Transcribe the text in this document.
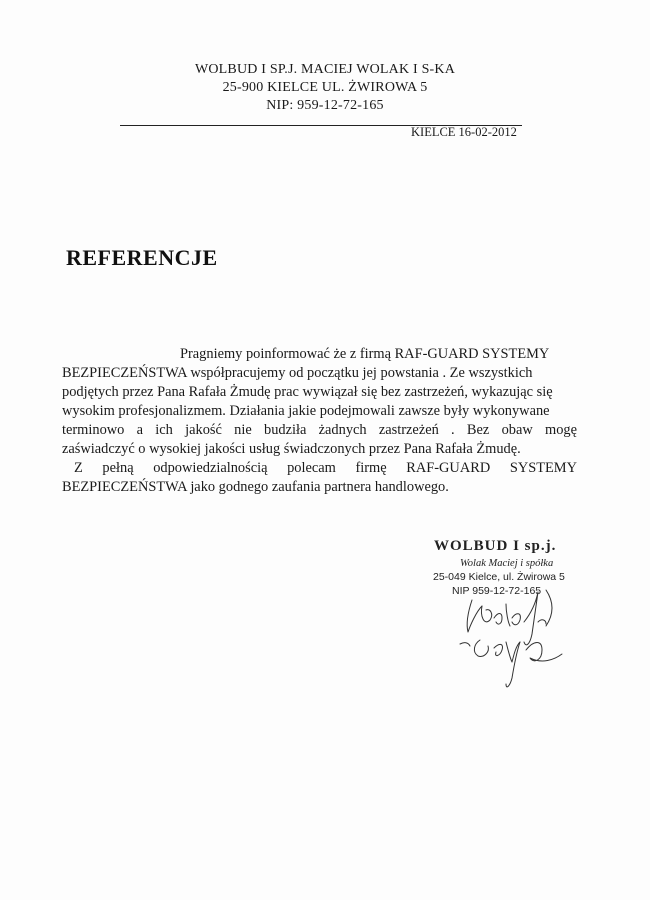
WOLBUD I SP.J. MACIEJ WOLAK I S-KA
25-900 KIELCE UL. ŻWIROWA 5
NIP: 959-12-72-165
KIELCE 16-02-2012
REFERENCJE
Pragniemy poinformować że z firmą RAF-GUARD SYSTEMY
BEZPIECZEŃSTWA współpracujemy od początku jej powstania . Ze wszystkich
podjętych przez Pana Rafała Żmudę prac wywiązał się bez zastrzeżeń, wykazując się
wysokim profesjonalizmem. Działania jakie podejmowali zawsze były wykonywane
terminowo a ich jakość nie budziła żadnych zastrzeżeń . Bez obaw mogę
zaświadczyć o wysokiej jakości usług świadczonych przez Pana Rafała Żmudę.
Z pełną odpowiedzialnością polecam firmę RAF-GUARD SYSTEMY
BEZPIECZEŃSTWA jako godnego zaufania partnera handlowego.
WOLBUD I sp.j.
Wolak Maciej i spółka
25-049 Kielce, ul. Żwirowa 5
NIP 959-12-72-165
